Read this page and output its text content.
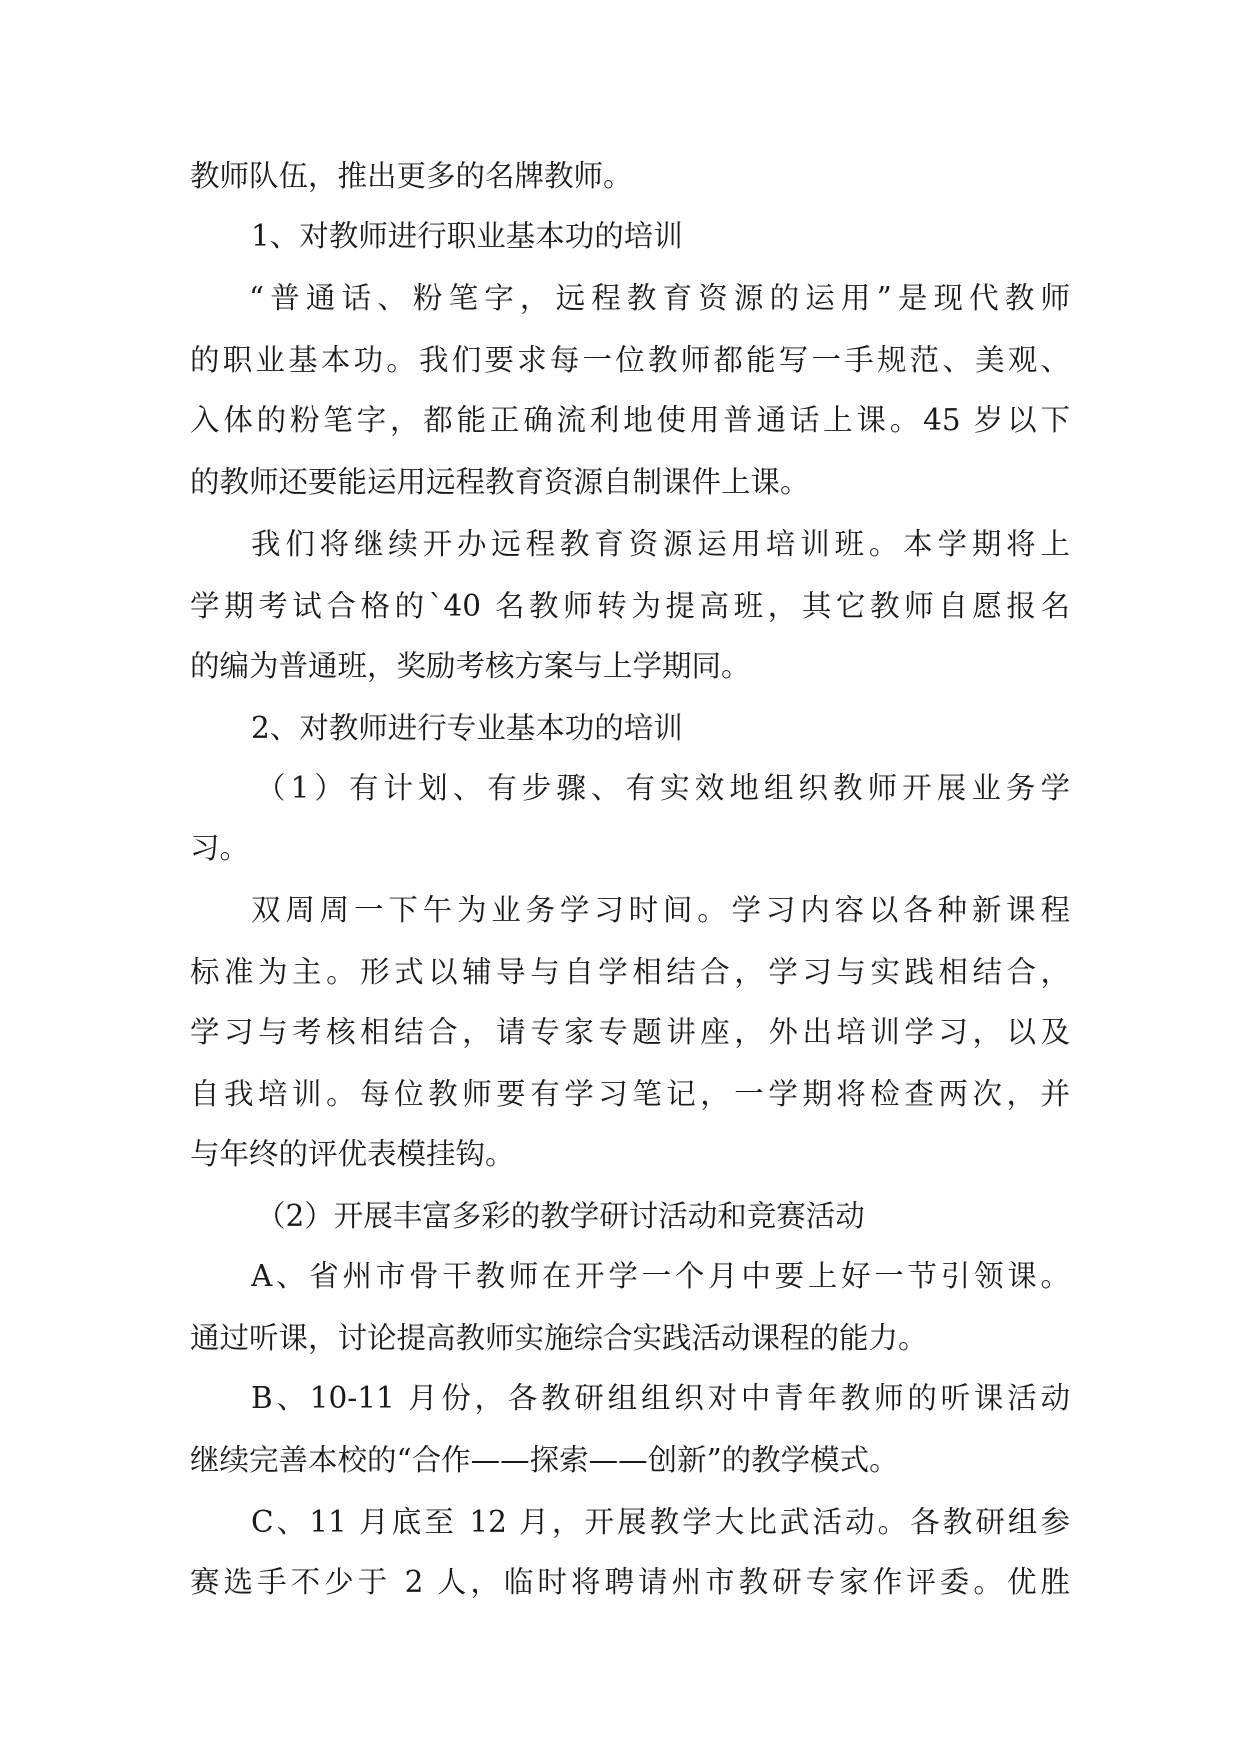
教师队伍，推出更多的名牌教师。
1、对教师进行职业基本功的培训
“普通话、粉笔字，远程教育资源的运用”是现代教师
的职业基本功。我们要求每一位教师都能写一手规范、美观、
入体的粉笔字，都能正确流利地使用普通话上课。45 岁以下
的教师还要能运用远程教育资源自制课件上课。
我们将继续开办远程教育资源运用培训班。本学期将上
学期考试合格的`40 名教师转为提高班，其它教师自愿报名
的编为普通班，奖励考核方案与上学期同。
2、对教师进行专业基本功的培训
（1）有计划、有步骤、有实效地组织教师开展业务学
习。
双周周一下午为业务学习时间。学习内容以各种新课程
标准为主。形式以辅导与自学相结合，学习与实践相结合，
学习与考核相结合，请专家专题讲座，外出培训学习，以及
自我培训。每位教师要有学习笔记，一学期将检查两次，并
与年终的评优表模挂钩。
（2）开展丰富多彩的教学研讨活动和竞赛活动
A、省州市骨干教师在开学一个月中要上好一节引领课。
通过听课，讨论提高教师实施综合实践活动课程的能力。
B、10-11 月份，各教研组组织对中青年教师的听课活动
继续完善本校的“合作——探索——创新”的教学模式。
C、11 月底至 12 月，开展教学大比武活动。各教研组参
赛选手不少于 2 人，临时将聘请州市教研专家作评委。优胜
